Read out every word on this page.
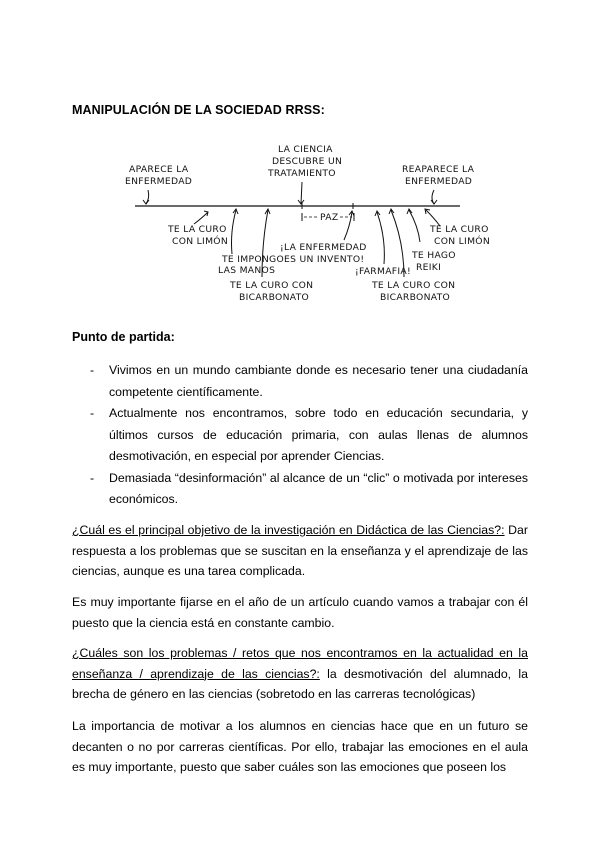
MANIPULACIÓN DE LA SOCIEDAD RRSS:
APARECE LA
ENFERMEDAD
LA CIENCIA
DESCUBRE UN
TRATAMIENTO	REAPARECE LA
ENFERMEDAD
PAZ
TE LA CURO
CON LIMÓN
TE IMPONGO
LAS MANOS
TE LA CURO CON
BICARBONATO
¡LA ENFERMEDAD
ES UN INVENTO!
¡FARMAFIA!
TE LA CURO CON
BICARBONATO
TE HAGO
REIKI
TE LA CURO
CON LIMÓN
Punto de partida:
- Vivimos en un mundo cambiante donde es necesario tener una ciudadanía competente científicamente.
- Actualmente nos encontramos, sobre todo en educación secundaria, y últimos cursos de educación primaria, con aulas llenas de alumnos desmotivación, en especial por aprender Ciencias.
- Demasiada “desinformación” al alcance de un “clic” o motivada por intereses económicos.

¿Cuál es el principal objetivo de la investigación en Didáctica de las Ciencias?: Dar respuesta a los problemas que se suscitan en la enseñanza y el aprendizaje de las ciencias, aunque es una tarea complicada.

Es muy importante fijarse en el año de un artículo cuando vamos a trabajar con él puesto que la ciencia está en constante cambio.

¿Cuáles son los problemas / retos que nos encontramos en la actualidad en la enseñanza / aprendizaje de las ciencias?: la desmotivación del alumnado, la brecha de género en las ciencias (sobretodo en las carreras tecnológicas)

La importancia de motivar a los alumnos en ciencias hace que en un futuro se decanten o no por carreras científicas. Por ello, trabajar las emociones en el aula es muy importante, puesto que saber cuáles son las emociones que poseen los
